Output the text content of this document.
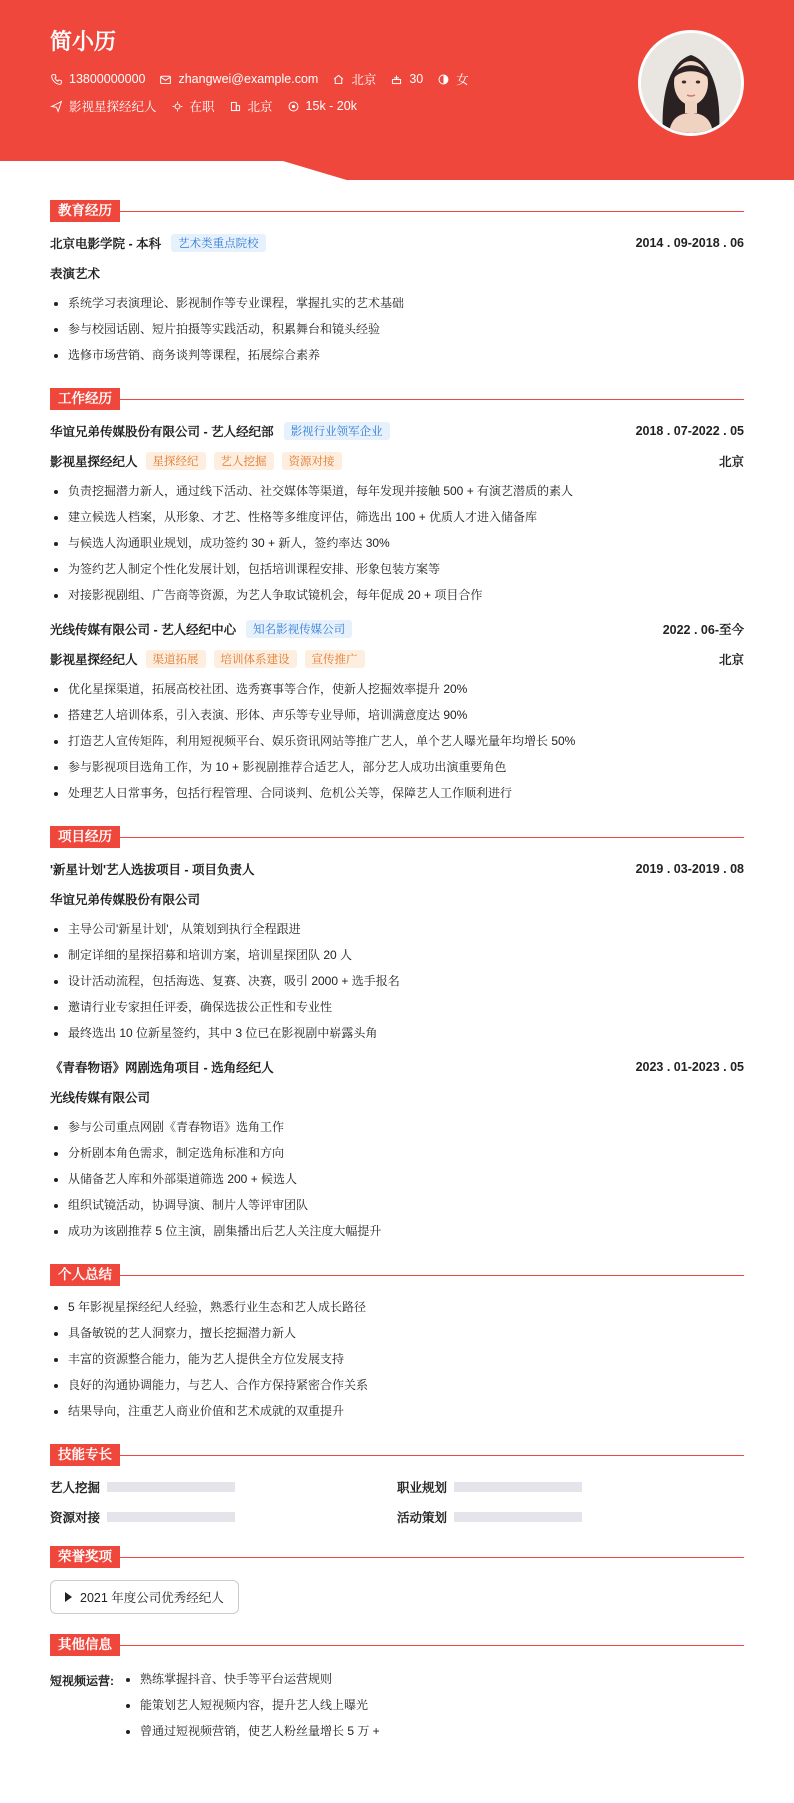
简小历
13800000000	zhangwei@example.com	北京	30	女
影视星探经纪人	在职	北京	15k - 20k
教育经历
北京电影学院 - 本科	艺术类重点院校	2014 . 09-2018 . 06
表演艺术
• 系统学习表演理论、影视制作等专业课程，掌握扎实的艺术基础
• 参与校园话剧、短片拍摄等实践活动，积累舞台和镜头经验
• 选修市场营销、商务谈判等课程，拓展综合素养
工作经历
华谊兄弟传媒股份有限公司 - 艺人经纪部	影视行业领军企业	2018 . 07-2022 . 05
影视星探经纪人	星探经纪	艺人挖掘	资源对接	北京
• 负责挖掘潜力新人，通过线下活动、社交媒体等渠道，每年发现并接触 500 + 有演艺潜质的素人
• 建立候选人档案，从形象、才艺、性格等多维度评估，筛选出 100 + 优质人才进入储备库
• 与候选人沟通职业规划，成功签约 30 + 新人，签约率达 30%
• 为签约艺人制定个性化发展计划，包括培训课程安排、形象包装方案等
• 对接影视剧组、广告商等资源，为艺人争取试镜机会，每年促成 20 + 项目合作
光线传媒有限公司 - 艺人经纪中心	知名影视传媒公司	2022 . 06-至今
影视星探经纪人	渠道拓展	培训体系建设	宣传推广	北京
• 优化星探渠道，拓展高校社团、选秀赛事等合作，使新人挖掘效率提升 20%
• 搭建艺人培训体系，引入表演、形体、声乐等专业导师，培训满意度达 90%
• 打造艺人宣传矩阵，利用短视频平台、娱乐资讯网站等推广艺人，单个艺人曝光量年均增长 50%
• 参与影视项目选角工作，为 10 + 影视剧推荐合适艺人，部分艺人成功出演重要角色
• 处理艺人日常事务，包括行程管理、合同谈判、危机公关等，保障艺人工作顺利进行
项目经历
'新星计划'艺人选拔项目 - 项目负责人	2019 . 03-2019 . 08
华谊兄弟传媒股份有限公司
• 主导公司'新星计划'，从策划到执行全程跟进
• 制定详细的星探招募和培训方案，培训星探团队 20 人
• 设计活动流程，包括海选、复赛、决赛，吸引 2000 + 选手报名
• 邀请行业专家担任评委，确保选拔公正性和专业性
• 最终选出 10 位新星签约，其中 3 位已在影视剧中崭露头角
《青春物语》网剧选角项目 - 选角经纪人	2023 . 01-2023 . 05
光线传媒有限公司
• 参与公司重点网剧《青春物语》选角工作
• 分析剧本角色需求，制定选角标准和方向
• 从储备艺人库和外部渠道筛选 200 + 候选人
• 组织试镜活动，协调导演、制片人等评审团队
• 成功为该剧推荐 5 位主演，剧集播出后艺人关注度大幅提升
个人总结
• 5 年影视星探经纪人经验，熟悉行业生态和艺人成长路径
• 具备敏锐的艺人洞察力，擅长挖掘潜力新人
• 丰富的资源整合能力，能为艺人提供全方位发展支持
• 良好的沟通协调能力，与艺人、合作方保持紧密合作关系
• 结果导向，注重艺人商业价值和艺术成就的双重提升
技能专长
艺人挖掘	职业规划
资源对接	活动策划
荣誉奖项
2021 年度公司优秀经纪人
其他信息
短视频运营:
•	熟练掌握抖音、快手等平台运营规则
• 能策划艺人短视频内容，提升艺人线上曝光
• 曾通过短视频营销，使艺人粉丝量增长 5 万 +
